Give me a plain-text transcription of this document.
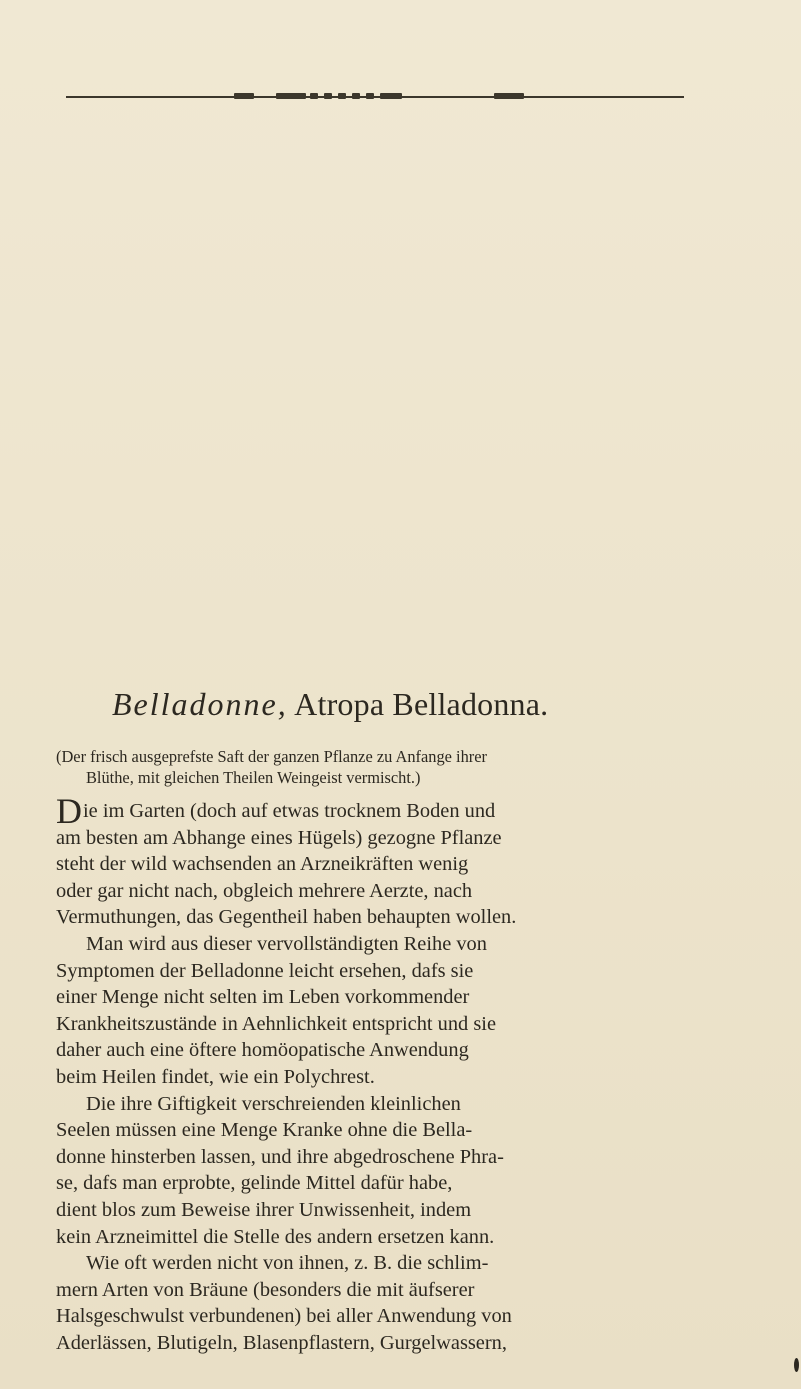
Belladonne, Atropa Belladonna.
(Der frisch ausgeprefste Saft der ganzen Pflanze zu Anfange ihrer
Blüthe, mit gleichen Theilen Weingeist vermischt.)
Die im Garten (doch auf etwas trocknem Boden und
am besten am Abhange eines Hügels) gezogne Pflanze
steht der wild wachsenden an Arzneikräften wenig
oder gar nicht nach, obgleich mehrere Aerzte, nach
Vermuthungen, das Gegentheil haben behaupten wollen.
Man wird aus dieser vervollständigten Reihe von
Symptomen der Belladonne leicht ersehen, dafs sie
einer Menge nicht selten im Leben vorkommender
Krankheitszustände in Aehnlichkeit entspricht und sie
daher auch eine öftere homöopatische Anwendung
beim Heilen findet, wie ein Polychrest.
Die ihre Giftigkeit verschreienden kleinlichen
Seelen müssen eine Menge Kranke ohne die Bella-
donne hinsterben lassen, und ihre abgedroschene Phra-
se, dafs man erprobte, gelinde Mittel dafür habe,
dient blos zum Beweise ihrer Unwissenheit, indem
kein Arzneimittel die Stelle des andern ersetzen kann.
Wie oft werden nicht von ihnen, z. B. die schlim-
mern Arten von Bräune (besonders die mit äufserer
Halsgeschwulst verbundenen) bei aller Anwendung von
Aderlässen, Blutigeln, Blasenpflastern, Gurgelwassern,
